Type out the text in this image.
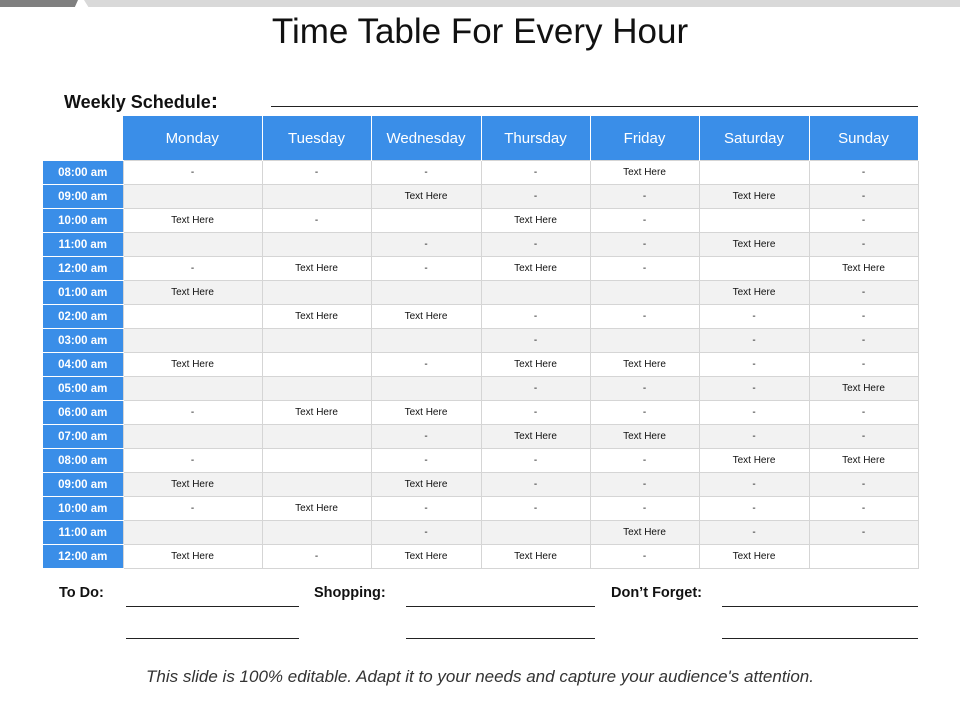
Time Table For Every Hour
Weekly Schedule:
	Monday	Tuesday	Wednesday	Thursday	Friday	Saturday	Sunday
08:00 am	-	-	-	-	Text Here		-
09:00 am			Text Here	-	-	Text Here	-
10:00 am	Text Here	-		Text Here	-		-
11:00 am			-	-	-	Text Here	-
12:00 am	-	Text Here	-	Text Here	-		Text Here
01:00 am	Text Here					Text Here	-
02:00 am		Text Here	Text Here	-	-	-	-
03:00 am				-		-	-
04:00 am	Text Here		-	Text Here	Text Here	-	-
05:00 am				-	-	-	Text Here
06:00 am	-	Text Here	Text Here	-	-	-	-
07:00 am			-	Text Here	Text Here	-	-
08:00 am	-		-	-	-	Text Here	Text Here
09:00 am	Text Here		Text Here	-	-	-	-
10:00 am	-	Text Here	-	-	-	-	-
11:00 am			-		Text Here	-	-
12:00 am	Text Here	-	Text Here	Text Here	-	Text Here	
To Do:	Shopping:	Don’t Forget:
This slide is 100% editable. Adapt it to your needs and capture your audience's attention.
